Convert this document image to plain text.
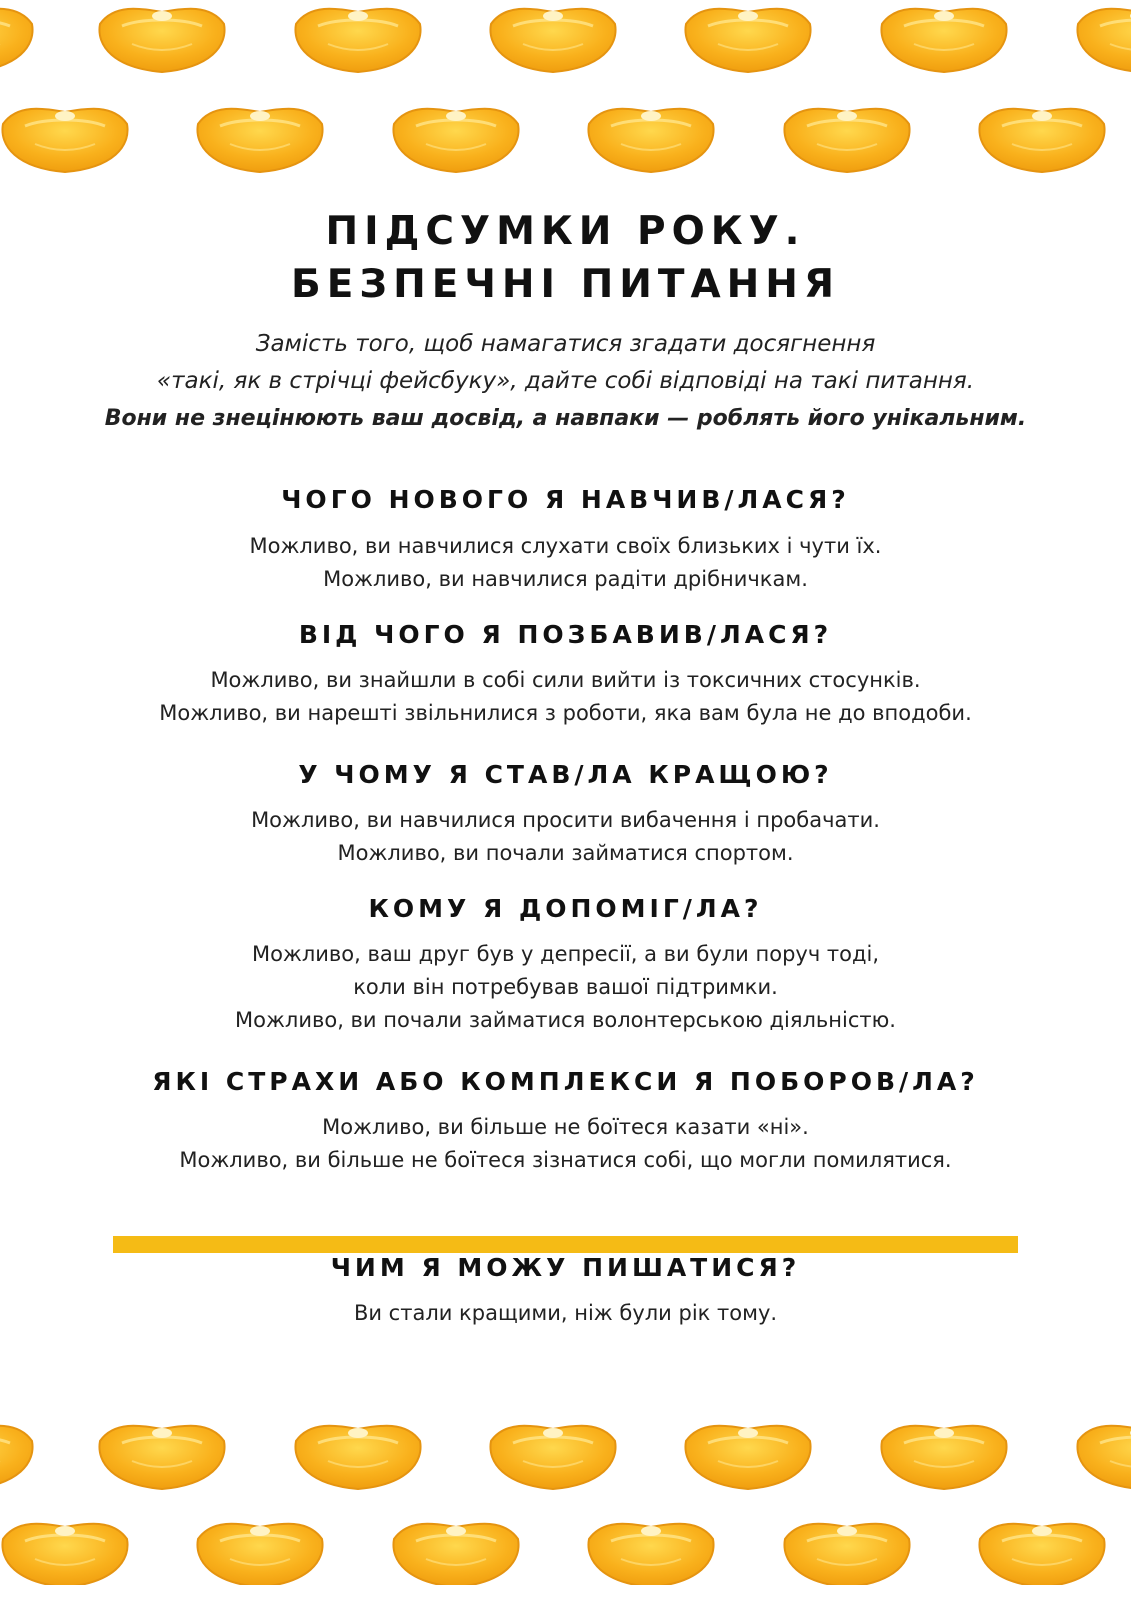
ПІДСУМКИ РОКУ.
БЕЗПЕЧНІ ПИТАННЯ
Замість того, щоб намагатися згадати досягнення
«такі, як в стрічці фейсбуку», дайте собі відповіді на такі питання.
Вони не знецінюють ваш досвід, а навпаки — роблять його унікальним.
ЧОГО НОВОГО Я НАВЧИВ/ЛАСЯ?
Можливо, ви навчилися слухати своїх близьких і чути їх.
Можливо, ви навчилися радіти дрібничкам.
ВІД ЧОГО Я ПОЗБАВИВ/ЛАСЯ?
Можливо, ви знайшли в собі сили вийти із токсичних стосунків.
Можливо, ви нарешті звільнилися з роботи, яка вам була не до вподоби.
У ЧОМУ Я СТАВ/ЛА КРАЩОЮ?
Можливо, ви навчилися просити вибачення і пробачати.
Можливо, ви почали займатися спортом.
КОМУ Я ДОПОМІГ/ЛА?
Можливо, ваш друг був у депресії, а ви були поруч тоді,
коли він потребував вашої підтримки.
Можливо, ви почали займатися волонтерською діяльністю.
ЯКІ СТРАХИ АБО КОМПЛЕКСИ Я ПОБОРОВ/ЛА?
Можливо, ви більше не боїтеся казати «ні».
Можливо, ви більше не боїтеся зізнатися собі, що могли помилятися.
ЧИМ Я МОЖУ ПИШАТИСЯ?
Ви стали кращими, ніж були рік тому.
